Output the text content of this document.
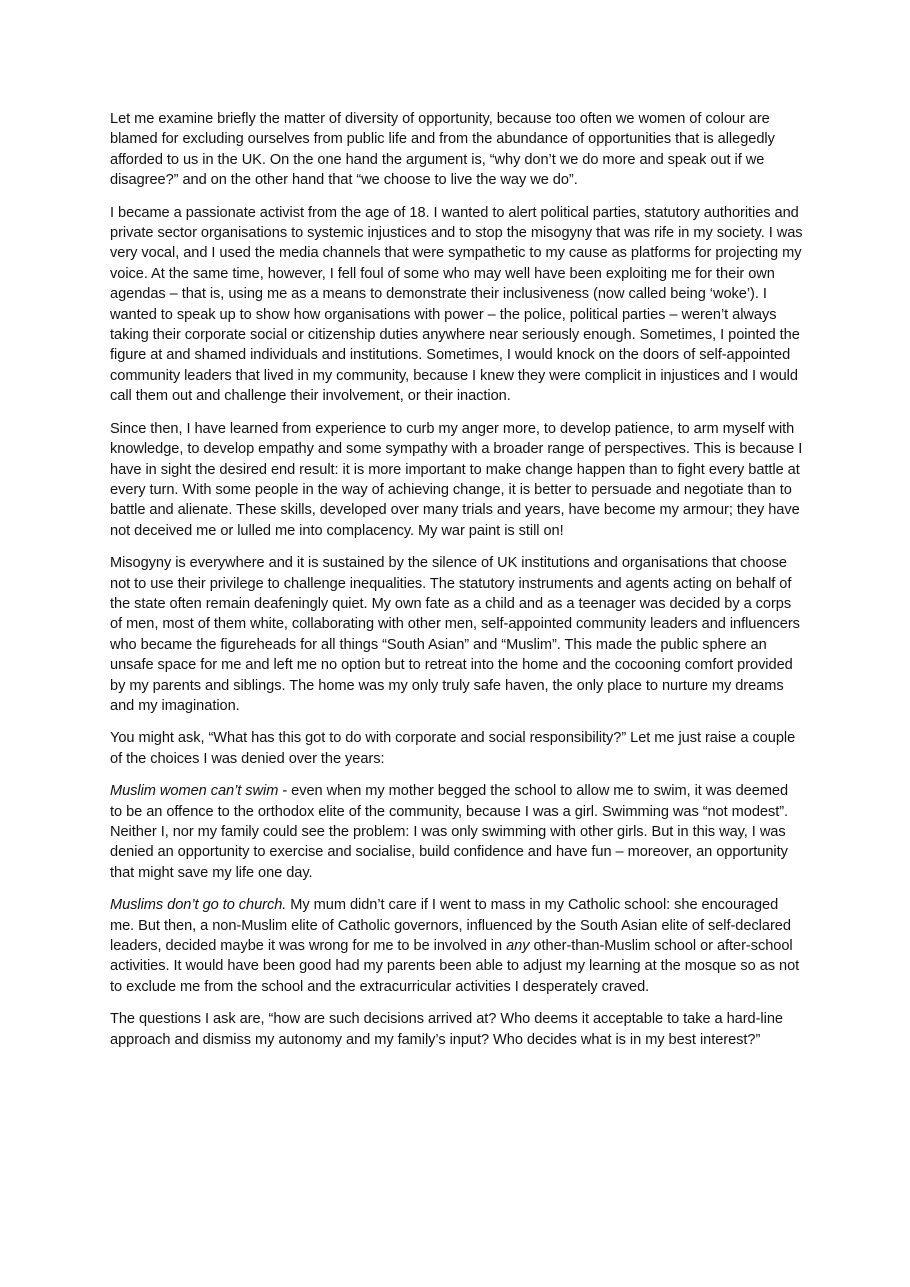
Let me examine briefly the matter of diversity of opportunity, because too often we women of colour are blamed for excluding ourselves from public life and from the abundance of opportunities that is allegedly afforded to us in the UK. On the one hand the argument is, “why don’t we do more and speak out if we disagree?” and on the other hand that “we choose to live the way we do”.

I became a passionate activist from the age of 18. I wanted to alert political parties, statutory authorities and private sector organisations to systemic injustices and to stop the misogyny that was rife in my society. I was very vocal, and I used the media channels that were sympathetic to my cause as platforms for projecting my voice. At the same time, however, I fell foul of some who may well have been exploiting me for their own agendas – that is, using me as a means to demonstrate their inclusiveness (now called being ‘woke’). I wanted to speak up to show how organisations with power – the police, political parties – weren’t always taking their corporate social or citizenship duties anywhere near seriously enough. Sometimes, I pointed the figure at and shamed individuals and institutions. Sometimes, I would knock on the doors of self-appointed community leaders that lived in my community, because I knew they were complicit in injustices and I would call them out and challenge their involvement, or their inaction.

Since then, I have learned from experience to curb my anger more, to develop patience, to arm myself with knowledge, to develop empathy and some sympathy with a broader range of perspectives. This is because I have in sight the desired end result: it is more important to make change happen than to fight every battle at every turn. With some people in the way of achieving change, it is better to persuade and negotiate than to battle and alienate. These skills, developed over many trials and years, have become my armour; they have not deceived me or lulled me into complacency. My war paint is still on!

Misogyny is everywhere and it is sustained by the silence of UK institutions and organisations that choose not to use their privilege to challenge inequalities. The statutory instruments and agents acting on behalf of the state often remain deafeningly quiet. My own fate as a child and as a teenager was decided by a corps of men, most of them white, collaborating with other men, self-appointed community leaders and influencers who became the figureheads for all things “South Asian” and “Muslim”. This made the public sphere an unsafe space for me and left me no option but to retreat into the home and the cocooning comfort provided by my parents and siblings. The home was my only truly safe haven, the only place to nurture my dreams and my imagination.

You might ask, “What has this got to do with corporate and social responsibility?” Let me just raise a couple of the choices I was denied over the years:

Muslim women can’t swim - even when my mother begged the school to allow me to swim, it was deemed to be an offence to the orthodox elite of the community, because I was a girl. Swimming was “not modest”. Neither I, nor my family could see the problem: I was only swimming with other girls. But in this way, I was denied an opportunity to exercise and socialise, build confidence and have fun – moreover, an opportunity that might save my life one day.

Muslims don’t go to church. My mum didn’t care if I went to mass in my Catholic school: she encouraged me. But then, a non-Muslim elite of Catholic governors, influenced by the South Asian elite of self-declared leaders, decided maybe it was wrong for me to be involved in any other-than-Muslim school or after-school activities. It would have been good had my parents been able to adjust my learning at the mosque so as not to exclude me from the school and the extracurricular activities I desperately craved.

The questions I ask are, “how are such decisions arrived at? Who deems it acceptable to take a hard-line approach and dismiss my autonomy and my family’s input? Who decides what is in my best interest?”
